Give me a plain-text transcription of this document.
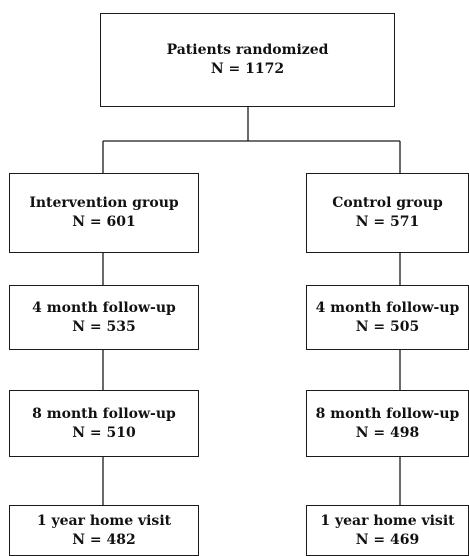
Patients randomized
N = 1172
Intervention group
N = 601
4 month follow-up
N = 535
8 month follow-up
N = 510
1 year home visit
N = 482
Control group
N = 571
4 month follow-up
N = 505
8 month follow-up
N = 498
1 year home visit
N = 469
